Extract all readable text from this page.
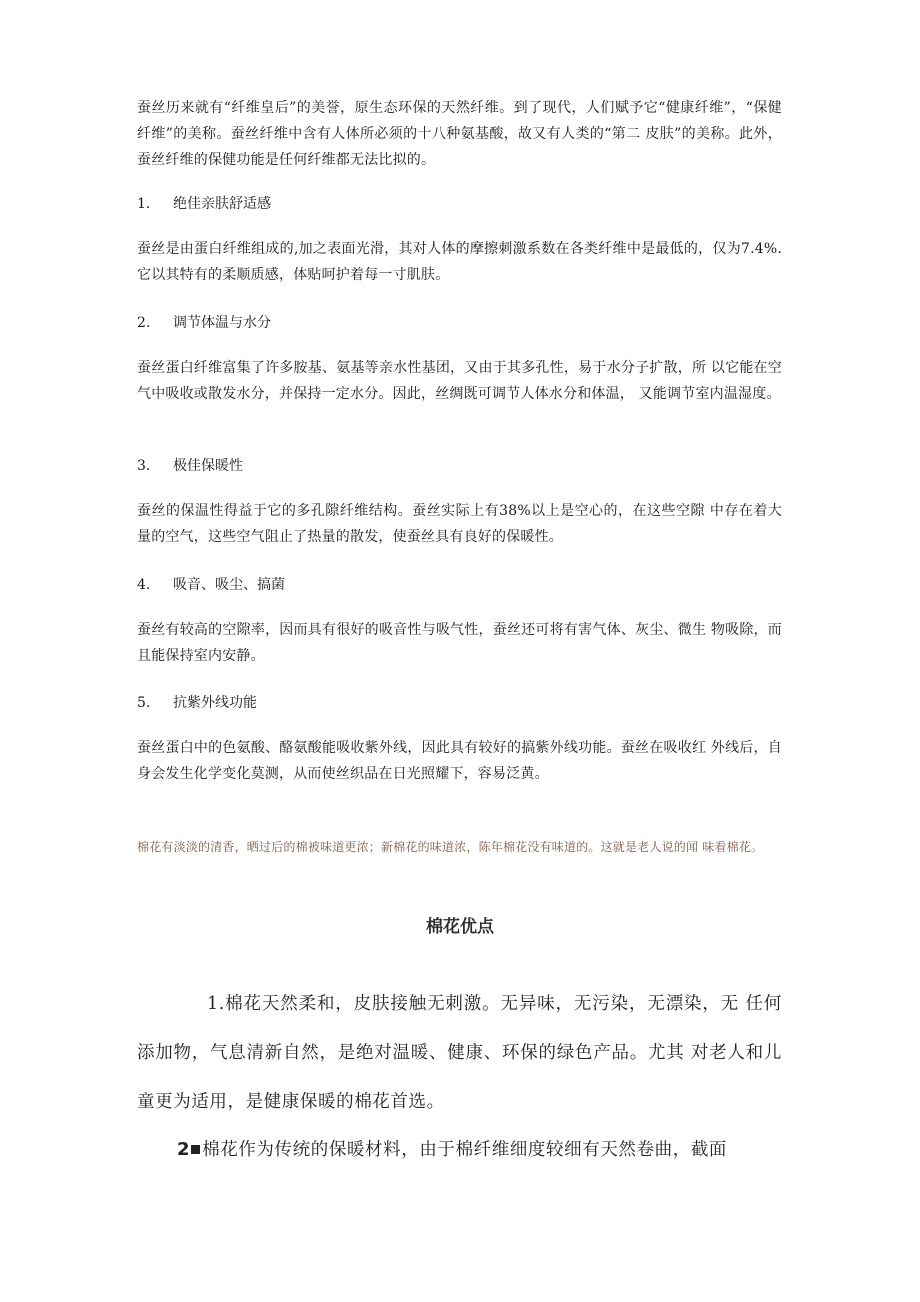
蚕丝历来就有“纤维皇后”的美誉，原生态环保的天然纤维。到了现代，人们赋予它“健康纤维”，“保健纤维”的美称。蚕丝纤维中含有人体所必须的十八种氨基酸，故又有人类的“第二 皮肤”的美称。此外，蚕丝纤维的保健功能是任何纤维都无法比拟的。

1.	绝佳亲肤舒适感

蚕丝是由蛋白纤维组成的,加之表面光滑，其对人体的摩擦刺激系数在各类纤维中是最低的，仅为7.4%.它以其特有的柔顺质感，体贴呵护着每一寸肌肤。

2.	调节体温与水分

蚕丝蛋白纤维富集了许多胺基、氨基等亲水性基团，又由于其多孔性，易于水分子扩散，所 以它能在空气中吸收或散发水分，并保持一定水分。因此，丝绸既可调节人体水分和体温， 又能调节室内温湿度。

3.	极佳保暖性

蚕丝的保温性得益于它的多孔隙纤维结构。蚕丝实际上有38%以上是空心的，在这些空隙 中存在着大量的空气，这些空气阻止了热量的散发，使蚕丝具有良好的保暖性。

4.	吸音、吸尘、搞菌

蚕丝有较高的空隙率，因而具有很好的吸音性与吸气性，蚕丝还可将有害气体、灰尘、微生 物吸除，而且能保持室内安静。

5.	抗紫外线功能

蚕丝蛋白中的色氨酸、酪氨酸能吸收紫外线，因此具有较好的搞紫外线功能。蚕丝在吸收红 外线后，自身会发生化学变化莫测，从而使丝织品在日光照耀下，容易泛黄。

棉花有淡淡的清香，晒过后的棉被味道更浓；新棉花的味道浓，陈年棉花没有味道的。这就是老人说的闻 味看棉花。

棉花优点

1.棉花天然柔和，皮肤接触无刺激。无异味，无污染，无漂染，无 任何添加物，气息清新自然，是绝对温暖、健康、环保的绿色产品。尤其 对老人和儿童更为适用，是健康保暖的棉花首选。

2 棉花作为传统的保暖材料，由于棉纤维细度较细有天然卷曲，截面
